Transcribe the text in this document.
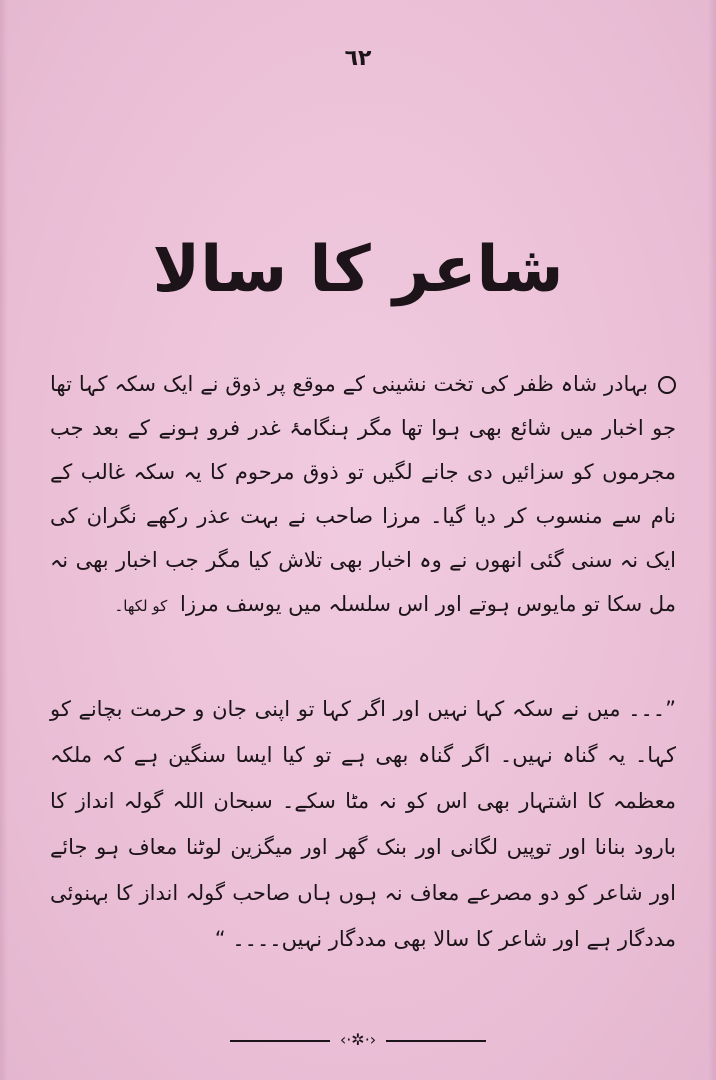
٦٢
شاعر کا سالا
بہادر شاہ ظفر کی تخت نشینی کے موقع پر ذوق نے ایک سکہ کہا تھا جو اخبار میں شائع بھی ہوا تھا مگر ہنگامۂ غدر فرو ہونے کے بعد جب مجرموں کو سزائیں دی جانے لگیں تو ذوق مرحوم کا یہ سکہ غالب کے نام سے منسوب کر دیا گیا۔ مرزا صاحب نے بہت عذر رکھے نگران کی ایک نہ سنی گئی انھوں نے وہ اخبار بھی تلاش کیا مگر جب اخبار بھی نہ مل سکا تو مایوس ہوتے اور اس سلسلہ میں یوسف مرزا کو لکھا۔
”۔۔۔ میں نے سکہ کہا نہیں اور اگر کہا تو اپنی جان و حرمت بچانے کو کہا۔ یہ گناہ نہیں۔ اگر گناہ بھی ہے تو کیا ایسا سنگین ہے کہ ملکہ معظمہ کا اشتہار بھی اس کو نہ مٹا سکے۔ سبحان اللہ گولہ انداز کا بارود بنانا اور توپیں لگانی اور بنک گھر اور میگزین لوٹنا معاف ہو جائے اور شاعر کو دو مصرعے معاف نہ ہوں ہاں صاحب گولہ انداز کا بہنوئی مددگار ہے اور شاعر کا سالا بھی مددگار نہیں۔۔۔۔ “
‹·✲·›
